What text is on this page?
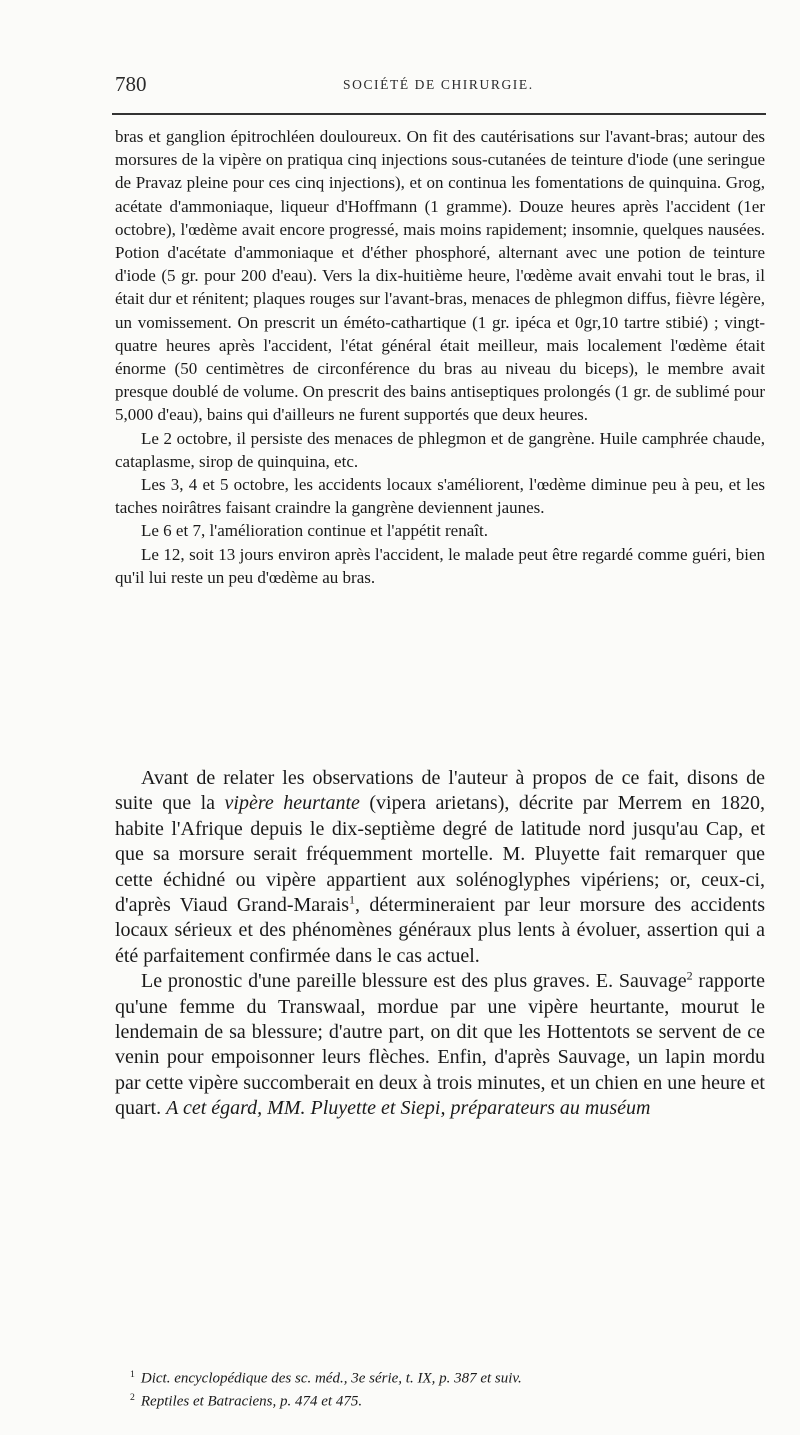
780	SOCIÉTÉ DE CHIRURGIE.

bras et ganglion épitrochléen douloureux. On fit des cautérisations sur l'avant-bras; autour des morsures de la vipère on pratiqua cinq injections sous-cutanées de teinture d'iode (une seringue de Pravaz pleine pour ces cinq injections), et on continua les fomentations de quinquina. Grog, acétate d'ammoniaque, liqueur d'Hoffmann (1 gramme). Douze heures après l'accident (1er octobre), l'œdème avait encore progressé, mais moins rapidement; insomnie, quelques nausées. Potion d'acétate d'ammoniaque et d'éther phosphoré, alternant avec une potion de teinture d'iode (5 gr. pour 200 d'eau). Vers la dix-huitième heure, l'œdème avait envahi tout le bras, il était dur et rénitent; plaques rouges sur l'avant-bras, menaces de phlegmon diffus, fièvre légère, un vomissement. On prescrit un éméto-cathartique (1 gr. ipéca et 0gr,10 tartre stibié) ; vingt-quatre heures après l'accident, l'état général était meilleur, mais localement l'œdème était énorme (50 centimètres de circonférence du bras au niveau du biceps), le membre avait presque doublé de volume. On prescrit des bains antiseptiques prolongés (1 gr. de sublimé pour 5,000 d'eau), bains qui d'ailleurs ne furent supportés que deux heures.

Le 2 octobre, il persiste des menaces de phlegmon et de gangrène. Huile camphrée chaude, cataplasme, sirop de quinquina, etc.

Les 3, 4 et 5 octobre, les accidents locaux s'améliorent, l'œdème diminue peu à peu, et les taches noirâtres faisant craindre la gangrène deviennent jaunes.

Le 6 et 7, l'amélioration continue et l'appétit renaît.

Le 12, soit 13 jours environ après l'accident, le malade peut être regardé comme guéri, bien qu'il lui reste un peu d'œdème au bras.

Avant de relater les observations de l'auteur à propos de ce fait, disons de suite que la vipère heurtante (vipera arietans), décrite par Merrem en 1820, habite l'Afrique depuis le dix-septième degré de latitude nord jusqu'au Cap, et que sa morsure serait fréquemment mortelle. M. Pluyette fait remarquer que cette échidné ou vipère appartient aux solénoglyphes vipériens; or, ceux-ci, d'après Viaud Grand-Marais$^1$, détermineraient par leur morsure des accidents locaux sérieux et des phénomènes généraux plus lents à évoluer, assertion qui a été parfaitement confirmée dans le cas actuel.

Le pronostic d'une pareille blessure est des plus graves. E. Sauvage$^2$ rapporte qu'une femme du Transwaal, mordue par une vipère heurtante, mourut le lendemain de sa blessure; d'autre part, on dit que les Hottentots se servent de ce venin pour empoisonner leurs flèches. Enfin, d'après Sauvage, un lapin mordu par cette vipère succomberait en deux à trois minutes, et un chien en une heure et quart. A cet égard, MM. Pluyette et Siepi, préparateurs au muséum

$^1$ Dict. encyclopédique des sc. méd., 3e série, t. IX, p. 387 et suiv.
$^2$ Reptiles et Batraciens, p. 474 et 475.
